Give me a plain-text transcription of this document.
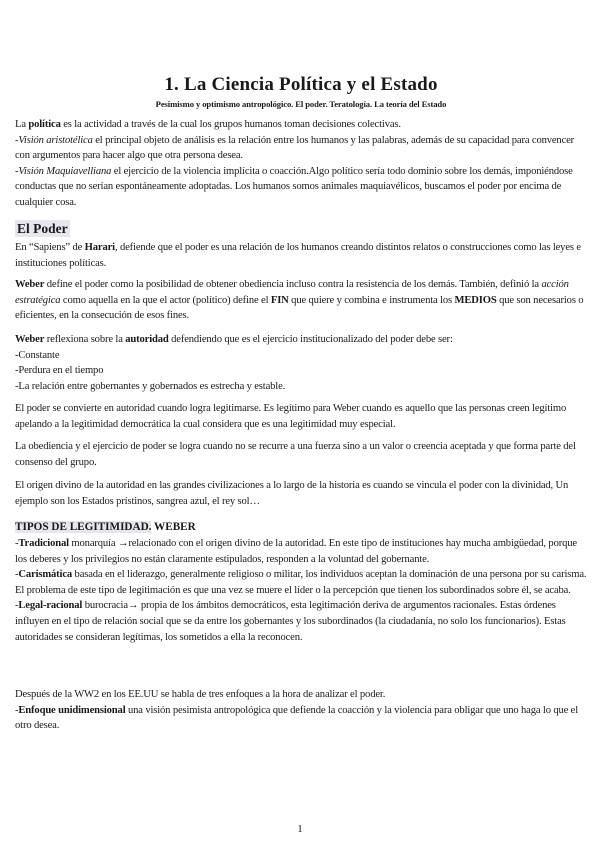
1. La Ciencia Política y el Estado
Pesimismo y optimismo antropológico. El poder. Teratología. La teoría del Estado

La política es la actividad a través de la cual los grupos humanos toman decisiones colectivas.

-Visión aristotélica el principal objeto de análisis es la relación entre los humanos y las palabras, además de su capacidad para convencer con argumentos para hacer algo que otra persona desea.

-Visión Maquiavelliana el ejercicio de la violencia implícita o coacción.Algo político sería todo dominio sobre los demás, imponiéndose conductas que no serían espontáneamente adoptadas. Los humanos somos animales maquiavélicos, buscamos el poder por encima de cualquier cosa.

El Poder

En “Sapiens” de Harari, defiende que el poder es una relación de los humanos creando distintos relatos o construcciones como las leyes e instituciones políticas.

Weber define el poder como la posibilidad de obtener obediencia incluso contra la resistencia de los demás. También, definió la acción estratégica como aquella en la que el actor (político) define el FIN que quiere y combina e instrumenta los MEDIOS que son necesarios o eficientes, en la consecución de esos fines.

Weber reflexiona sobre la autoridad defendiendo que es el ejercicio institucionalizado del poder debe ser:

-Constante

-Perdura en el tiempo

-La relación entre gobernantes y gobernados es estrecha y estable.

El poder se convierte en autoridad cuando logra legitimarse. Es legítimo para Weber cuando es aquello que las personas creen legítimo apelando a la legitimidad democrática la cual considera que es una legitimidad muy especial.

La obediencia y el ejercicio de poder se logra cuando no se recurre a una fuerza sino a un valor o creencia aceptada y que forma parte del consenso del grupo.

El origen divino de la autoridad en las grandes civilizaciones a lo largo de la historia es cuando se vincula el poder con la divinidad, Un ejemplo son los Estados prístinos, sangrea azul, el rey sol…

TIPOS DE LEGITIMIDAD. WEBER

-Tradicional monarquía →relacionado con el origen divino de la autoridad. En este tipo de instituciones hay mucha ambigüedad, porque los deberes y los privilegios no están claramente estipulados, responden a la voluntad del gobernante.

-Carismática basada en el liderazgo, generalmente religioso o militar, los individuos aceptan la dominación de una persona por su carisma. El problema de este tipo de legitimación es que una vez se muere el líder o la percepción que tienen los subordinados sobre él, se acaba.

-Legal-racional burocracia→ propia de los ámbitos democráticos, esta legitimación deriva de argumentos racionales. Estas órdenes influyen en el tipo de relación social que se da entre los gobernantes y los subordinados (la ciudadanía, no solo los funcionarios). Estas autoridades se consideran legítimas, los sometidos a ella la reconocen.

Después de la WW2 en los EE.UU se habla de tres enfoques a la hora de analizar el poder.

-Enfoque unidimensional una visión pesimista antropológica que defiende la coacción y la violencia para obligar que uno haga lo que el otro desea.

1
